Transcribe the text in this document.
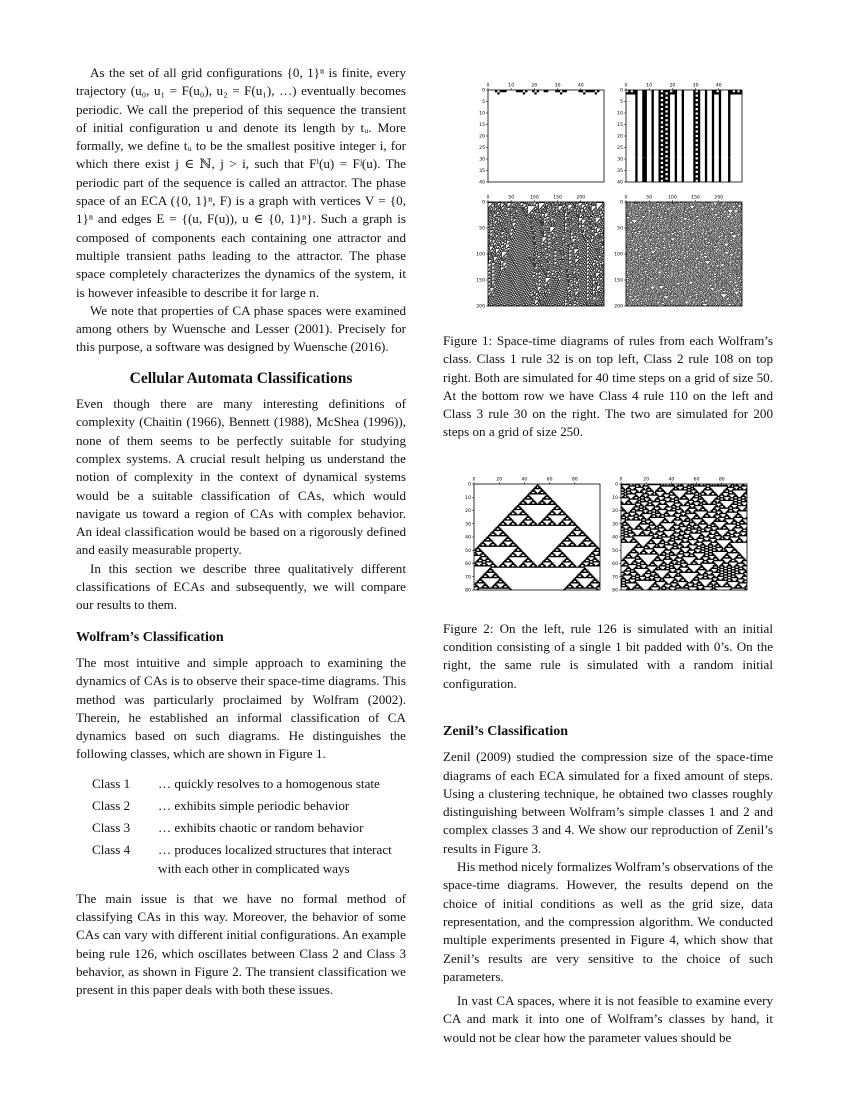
As the set of all grid configurations {0, 1}ⁿ is finite, every trajectory (u₀, u₁ = F(u₀), u₂ = F(u₁), …) eventually becomes periodic. We call the preperiod of this sequence the transient of initial configuration u and denote its length by tᵤ. More formally, we define tᵤ to be the smallest positive integer i, for which there exist j ∈ ℕ, j > i, such that Fⁱ(u) = Fʲ(u). The periodic part of the sequence is called an attractor. The phase space of an ECA ({0, 1}ⁿ, F) is a graph with vertices V = {0, 1}ⁿ and edges E = {(u, F(u)), u ∈ {0, 1}ⁿ}. Such a graph is composed of components each containing one attractor and multiple transient paths leading to the attractor. The phase space completely characterizes the dynamics of the system, it is however infeasible to describe it for large n.

We note that properties of CA phase spaces were examined among others by Wuensche and Lesser (2001). Precisely for this purpose, a software was designed by Wuensche (2016).

Cellular Automata Classifications

Even though there are many interesting definitions of complexity (Chaitin (1966), Bennett (1988), McShea (1996)), none of them seems to be perfectly suitable for studying complex systems. A crucial result helping us understand the notion of complexity in the context of dynamical systems would be a suitable classification of CAs, which would navigate us toward a region of CAs with complex behavior. An ideal classification would be based on a rigorously defined and easily measurable property.

In this section we describe three qualitatively different classifications of ECAs and subsequently, we will compare our results to them.

Wolfram’s Classification

The most intuitive and simple approach to examining the dynamics of CAs is to observe their space-time diagrams. This method was particularly proclaimed by Wolfram (2002). Therein, he established an informal classification of CA dynamics based on such diagrams. He distinguishes the following classes, which are shown in Figure 1.

Class 1	… quickly resolves to a homogenous state
Class 2	… exhibits simple periodic behavior
Class 3	… exhibits chaotic or random behavior
Class 4	… produces localized structures that interact with each other in complicated ways

The main issue is that we have no formal method of classifying CAs in this way. Moreover, the behavior of some CAs can vary with different initial configurations. An example being rule 126, which oscillates between Class 2 and Class 3 behavior, as shown in Figure 2. The transient classification we present in this paper deals with both these issues.

0	10	20	30	40
0
5
10
15
20
25
30
35
40
0	10	20	30	40
0
5
10
15
20
25
30
35
40
0	50	100	150	200
0
50
100
150
200
0	50	100	150	200
0
50
100
150
200

Figure 1: Space-time diagrams of rules from each Wolfram’s class. Class 1 rule 32 is on top left, Class 2 rule 108 on top right. Both are simulated for 40 time steps on a grid of size 50. At the bottom row we have Class 4 rule 110 on the left and Class 3 rule 30 on the right. The two are simulated for 200 steps on a grid of size 250.

0	20	40	60	80
0
10
20
30
40
50
60
70
80
0	20	40	60	80
0
10
20
30
40
50
60
70
80

Figure 2: On the left, rule 126 is simulated with an initial condition consisting of a single 1 bit padded with 0’s. On the right, the same rule is simulated with a random initial configuration.

Zenil’s Classification

Zenil (2009) studied the compression size of the space-time diagrams of each ECA simulated for a fixed amount of steps. Using a clustering technique, he obtained two classes roughly distinguishing between Wolfram’s simple classes 1 and 2 and complex classes 3 and 4. We show our reproduction of Zenil’s results in Figure 3.

His method nicely formalizes Wolfram’s observations of the space-time diagrams. However, the results depend on the choice of initial conditions as well as the grid size, data representation, and the compression algorithm. We conducted multiple experiments presented in Figure 4, which show that Zenil’s results are very sensitive to the choice of such parameters.

In vast CA spaces, where it is not feasible to examine every CA and mark it into one of Wolfram’s classes by hand, it would not be clear how the parameter values should be
